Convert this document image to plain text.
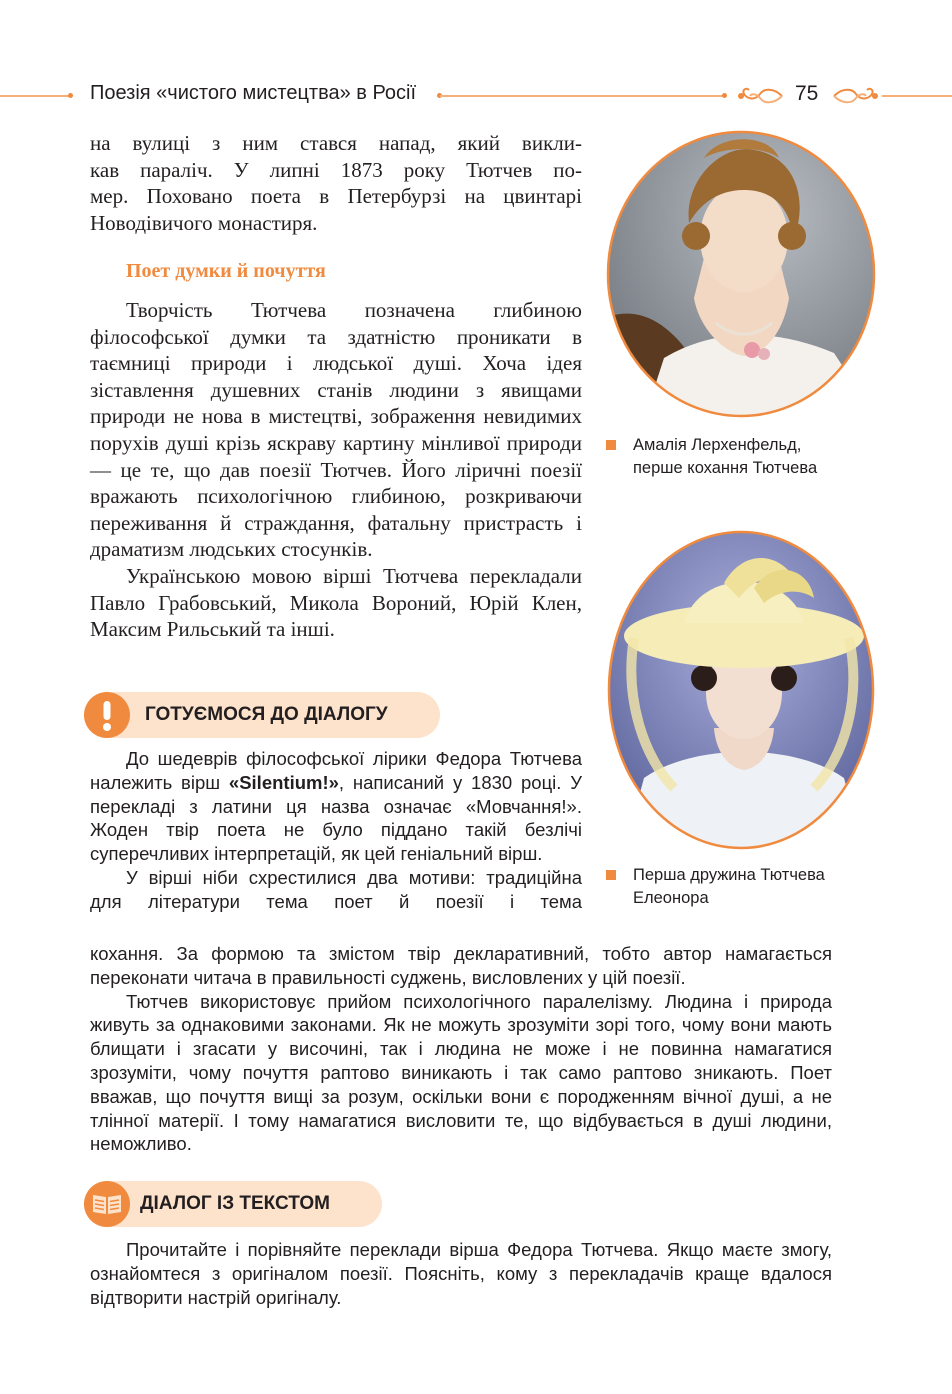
Поезія «чистого мистецтва» в Росії	75
на вулиці з ним стався напад, який викли-
кав параліч. У липні 1873 року Тютчев по-
мер. Поховано поета в Петербурзі на цвинтарі
Новодівичого монастиря.
Поет думки й почуття

Творчість Тютчева позначена глибиною філософської думки та здатністю проникати в таємниці природи і людської душі. Хоча ідея зіставлення душевних станів людини з явищами природи не нова в мистецтві, зображення невидимих порухів душі крізь яскраву картину мінливої природи — це те, що дав поезії Тютчев. Його ліричні поезії вражають психологічною глибиною, розкриваючи переживання й страждання, фатальну пристрасть і драматизм людських стосунків.

Українською мовою вірші Тютчева перекладали Павло Грабовський, Микола Вороний, Юрій Клен, Максим Рильський та інші.

ГОТУЄМОСЯ ДО ДІАЛОГУ

До шедеврів філософської лірики Федора Тютчева належить вірш «Silentium!», написаний у 1830 році. У перекладі з латини ця назва означає «Мовчання!». Жоден твір поета не було піддано такій безлічі суперечливих інтерпретацій, як цей геніальний вірш.

У вірші ніби схрестилися два мотиви: традиційна для літератури тема поет й поезії і тема

кохання. За формою та змістом твір декларативний, тобто автор намагається переконати читача в правильності суджень, висловлених у цій поезії.

Тютчев використовує прийом психологічного паралелізму. Людина і природа живуть за однаковими законами. Як не можуть зрозуміти зорі того, чому вони мають блищати і згасати у височині, так і людина не може і не повинна намагатися зрозуміти, чому почуття раптово виникають і так само раптово зникають. Поет вважав, що почуття вищі за розум, оскільки вони є породженням вічної душі, а не тлінної матерії. І тому намагатися висловити те, що відбувається в душі людини, неможливо.

ДІАЛОГ ІЗ ТЕКСТОМ

Прочитайте і порівняйте переклади вірша Федора Тютчева. Якщо маєте змогу, ознайомтеся з оригіналом поезії. Поясніть, кому з перекладачів краще вдалося відтворити настрій оригіналу.

Амалія Лерхенфельд,
перше кохання Тютчева
Перша дружина Тютчева
Елеонора
